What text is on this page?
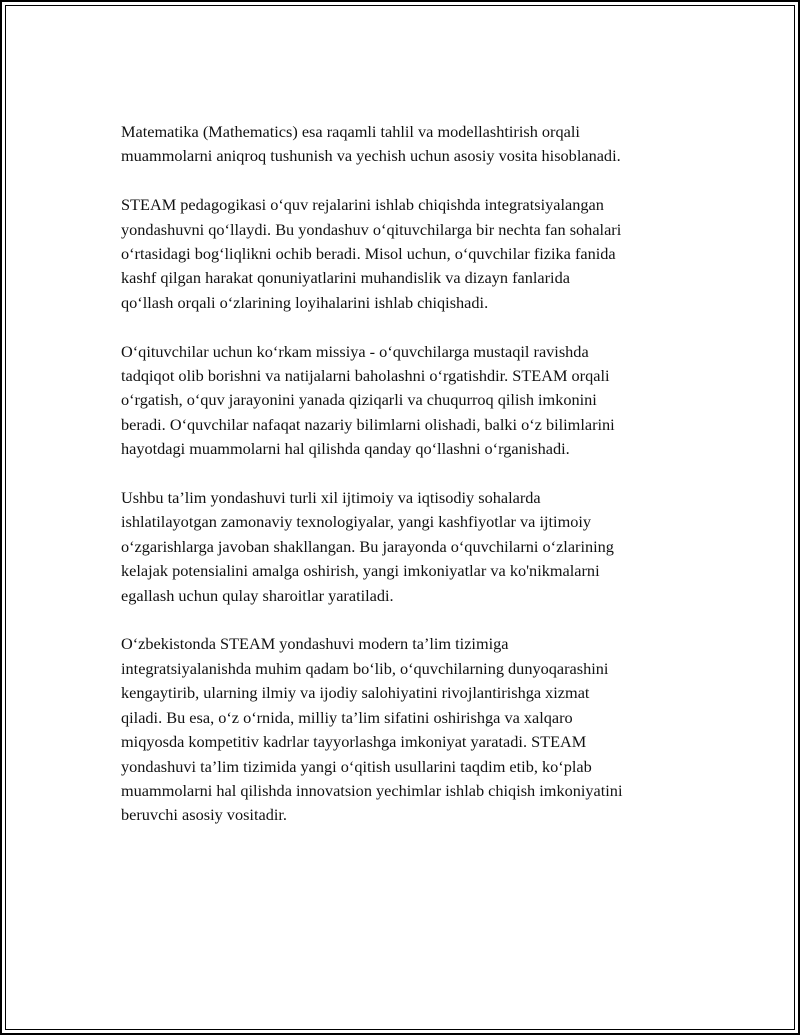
Matematika (Mathematics) esa raqamli tahlil va modellashtirish orqali
muammolarni aniqroq tushunish va yechish uchun asosiy vosita hisoblanadi.

STEAM pedagogikasi o‘quv rejalarini ishlab chiqishda integratsiyalangan
yondashuvni qo‘llaydi. Bu yondashuv o‘qituvchilarga bir nechta fan sohalari
o‘rtasidagi bog‘liqlikni ochib beradi. Misol uchun, o‘quvchilar fizika fanida
kashf qilgan harakat qonuniyatlarini muhandislik va dizayn fanlarida
qo‘llash orqali o‘zlarining loyihalarini ishlab chiqishadi.

O‘qituvchilar uchun ko‘rkam missiya - o‘quvchilarga mustaqil ravishda
tadqiqot olib borishni va natijalarni baholashni o‘rgatishdir. STEAM orqali
o‘rgatish, o‘quv jarayonini yanada qiziqarli va chuqurroq qilish imkonini
beradi. O‘quvchilar nafaqat nazariy bilimlarni olishadi, balki o‘z bilimlarini
hayotdagi muammolarni hal qilishda qanday qo‘llashni o‘rganishadi.

Ushbu ta’lim yondashuvi turli xil ijtimoiy va iqtisodiy sohalarda
ishlatilayotgan zamonaviy texnologiyalar, yangi kashfiyotlar va ijtimoiy
o‘zgarishlarga javoban shakllangan. Bu jarayonda o‘quvchilarni o‘zlarining
kelajak potensialini amalga oshirish, yangi imkoniyatlar va ko'nikmalarni
egallash uchun qulay sharoitlar yaratiladi.

O‘zbekistonda STEAM yondashuvi modern ta’lim tizimiga
integratsiyalanishda muhim qadam bo‘lib, o‘quvchilarning dunyoqarashini
kengaytirib, ularning ilmiy va ijodiy salohiyatini rivojlantirishga xizmat
qiladi. Bu esa, o‘z o‘rnida, milliy ta’lim sifatini oshirishga va xalqaro
miqyosda kompetitiv kadrlar tayyorlashga imkoniyat yaratadi. STEAM
yondashuvi ta’lim tizimida yangi o‘qitish usullarini taqdim etib, ko‘plab
muammolarni hal qilishda innovatsion yechimlar ishlab chiqish imkoniyatini
beruvchi asosiy vositadir.
